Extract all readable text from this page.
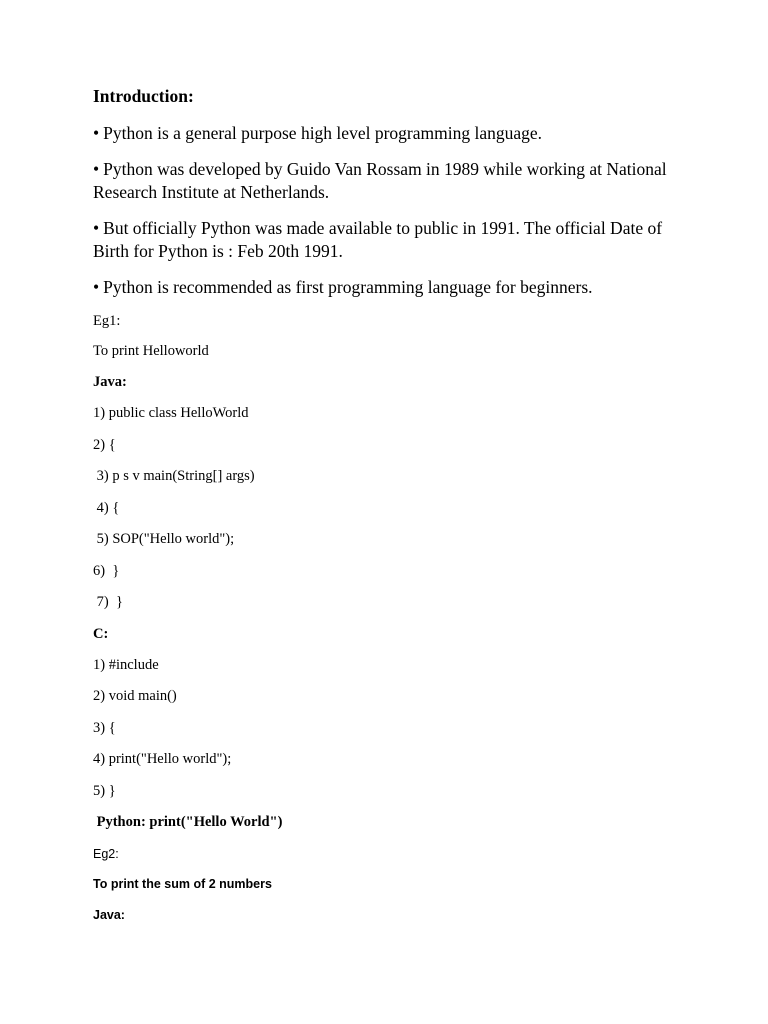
Introduction:
• Python is a general purpose high level programming language.
• Python was developed by Guido Van Rossam in 1989 while working at National Research Institute at Netherlands.
• But officially Python was made available to public in 1991. The official Date of Birth for Python is : Feb 20th 1991.
• Python is recommended as first programming language for beginners.
Eg1:
To print Helloworld
Java:
1) public class HelloWorld
2) {
3) p s v main(String[] args)
4) {
5) SOP("Hello world");
6)  }
7)  }
C:
1) #include
2) void main()
3) {
4) print("Hello world");
5) }
Python: print("Hello World")
Eg2:
To print the sum of 2 numbers
Java:
